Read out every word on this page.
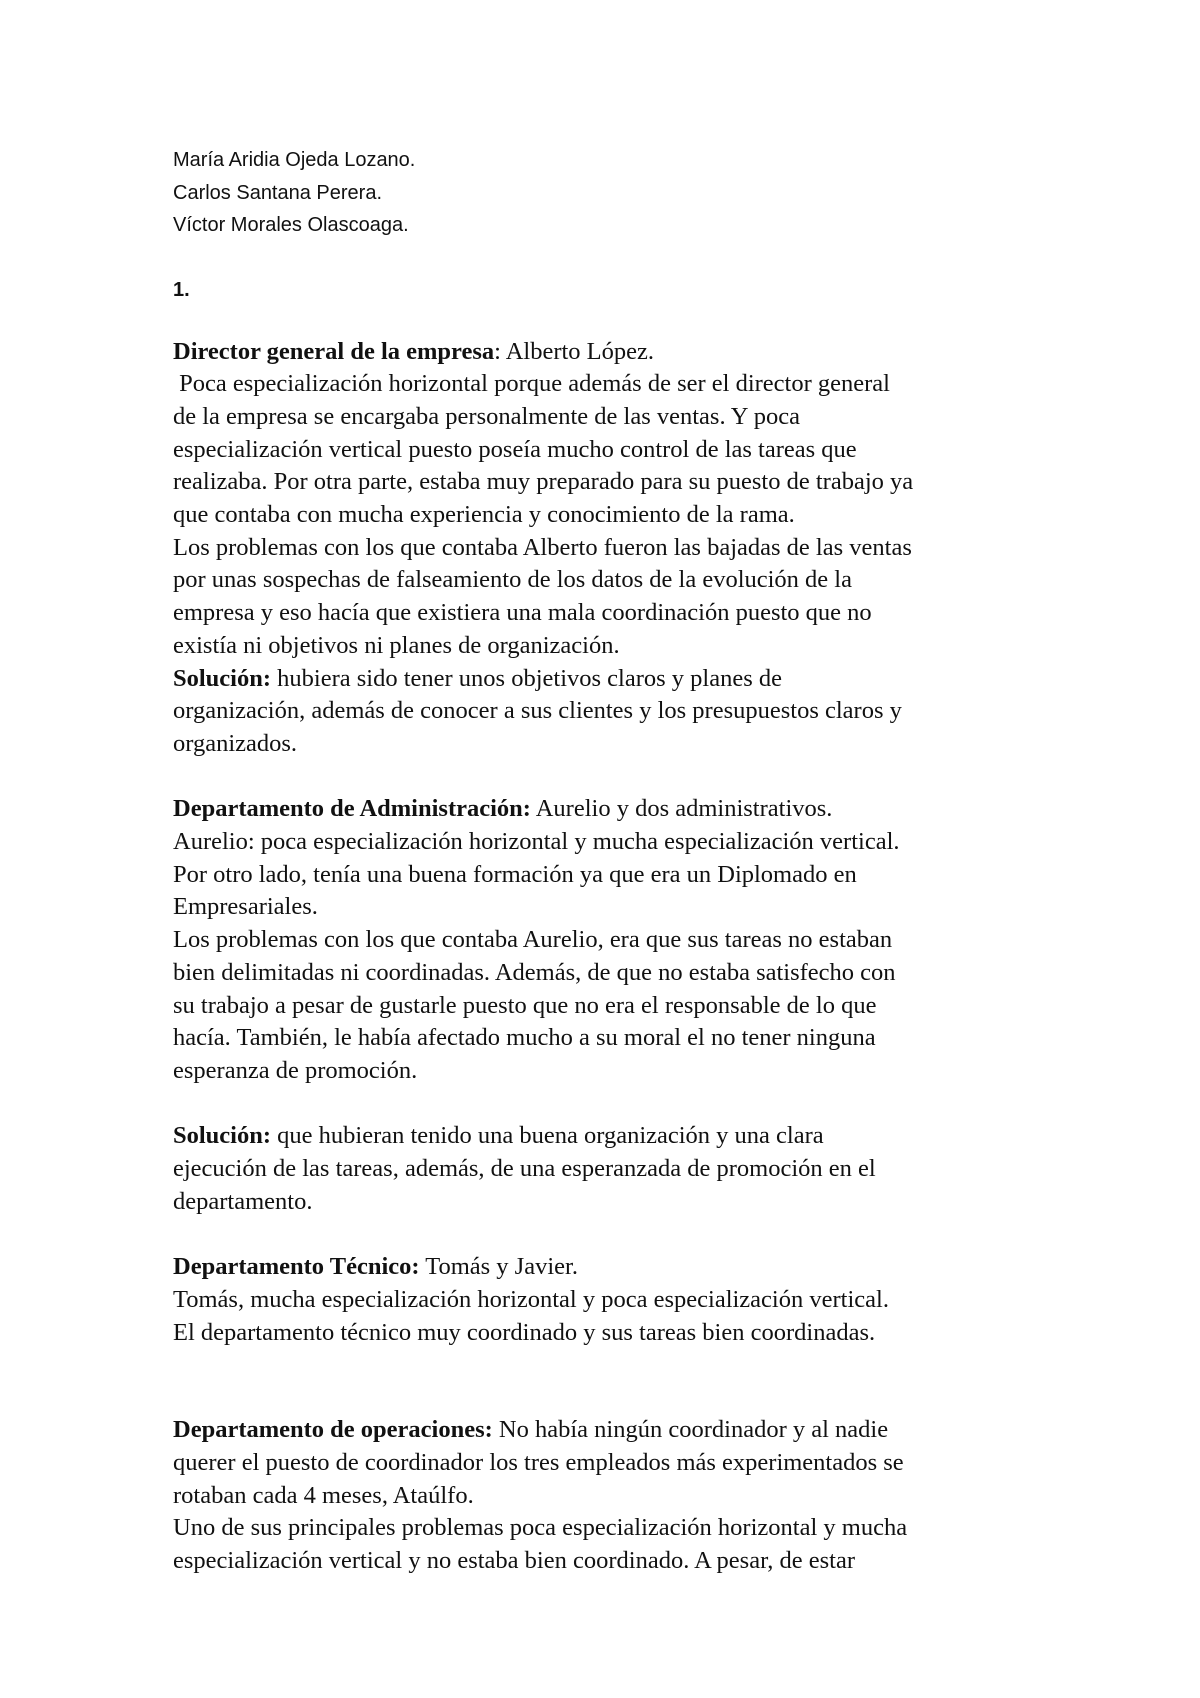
María Aridia Ojeda Lozano.
Carlos Santana Perera.
Víctor Morales Olascoaga.
1.
Director general de la empresa: Alberto López.
Poca especialización horizontal porque además de ser el director general
de la empresa se encargaba personalmente de las ventas. Y poca
especialización vertical puesto poseía mucho control de las tareas que
realizaba. Por otra parte, estaba muy preparado para su puesto de trabajo ya
que contaba con mucha experiencia y conocimiento de la rama.
Los problemas con los que contaba Alberto fueron las bajadas de las ventas
por unas sospechas de falseamiento de los datos de la evolución de la
empresa y eso hacía que existiera una mala coordinación puesto que no
existía ni objetivos ni planes de organización.
Solución: hubiera sido tener unos objetivos claros y planes de
organización, además de conocer a sus clientes y los presupuestos claros y
organizados.
Departamento de Administración: Aurelio y dos administrativos.
Aurelio: poca especialización horizontal y mucha especialización vertical.
Por otro lado, tenía una buena formación ya que era un Diplomado en
Empresariales.
Los problemas con los que contaba Aurelio, era que sus tareas no estaban
bien delimitadas ni coordinadas. Además, de que no estaba satisfecho con
su trabajo a pesar de gustarle puesto que no era el responsable de lo que
hacía. También, le había afectado mucho a su moral el no tener ninguna
esperanza de promoción.
Solución: que hubieran tenido una buena organización y una clara
ejecución de las tareas, además, de una esperanzada de promoción en el
departamento.
Departamento Técnico: Tomás y Javier.
Tomás, mucha especialización horizontal y poca especialización vertical.
El departamento técnico muy coordinado y sus tareas bien coordinadas.
Departamento de operaciones: No había ningún coordinador y al nadie
querer el puesto de coordinador los tres empleados más experimentados se
rotaban cada 4 meses, Ataúlfo.
Uno de sus principales problemas poca especialización horizontal y mucha
especialización vertical y no estaba bien coordinado. A pesar, de estar
